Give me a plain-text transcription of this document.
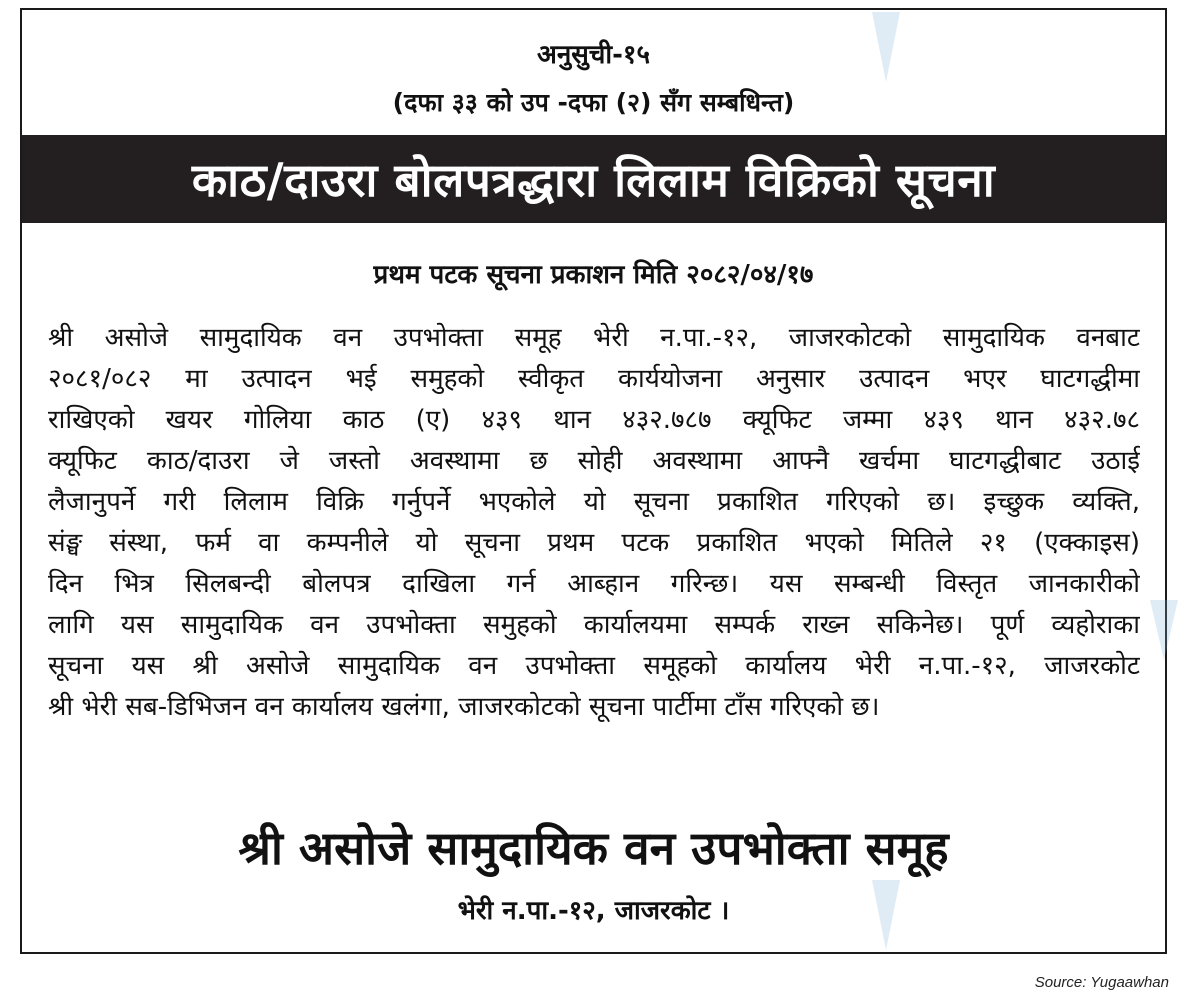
अनुसुची-१५
(दफा ३३ को उप -दफा (२) सँग सम्बधिन्त)
काठ/दाउरा बोलपत्रद्धारा लिलाम विक्रिको सूचना
प्रथम पटक सूचना प्रकाशन मिति २०८२/०४/१७
श्री असोजे सामुदायिक वन उपभोक्ता समूह भेरी न.पा.-१२, जाजरकोटको सामुदायिक वनबाट
२०८१/०८२ मा उत्पादन भई समुहको स्वीकृत कार्ययोजना अनुसार उत्पादन भएर घाटगद्धीमा
राखिएको खयर गोलिया काठ (ए) ४३९ थान ४३२.७८७ क्यूफिट जम्मा ४३९ थान ४३२.७८
क्यूफिट काठ/दाउरा जे जस्तो अवस्थामा छ सोही अवस्थामा आफ्नै खर्चमा घाटगद्धीबाट उठाई
लैजानुपर्ने गरी लिलाम विक्रि गर्नुपर्ने भएकोले यो सूचना प्रकाशित गरिएको छ। इच्छुक व्यक्ति,
संङ्घ संस्था, फर्म वा कम्पनीले यो सूचना प्रथम पटक प्रकाशित भएको मितिले २१ (एक्काइस)
दिन भित्र सिलबन्दी बोलपत्र दाखिला गर्न आब्हान गरिन्छ। यस सम्बन्धी विस्तृत जानकारीको
लागि यस सामुदायिक वन उपभोक्ता समुहको कार्यालयमा सम्पर्क राख्न सकिनेछ। पूर्ण व्यहोराका
सूचना यस श्री असोजे सामुदायिक वन उपभोक्ता समूहको कार्यालय भेरी न.पा.-१२, जाजरकोट
श्री भेरी सब-डिभिजन वन कार्यालय खलंगा, जाजरकोटको सूचना पार्टीमा टाँस गरिएको छ।
श्री असोजे सामुदायिक वन उपभोक्ता समूह
भेरी न.पा.-१२, जाजरकोट ।
Source: Yugaawhan
